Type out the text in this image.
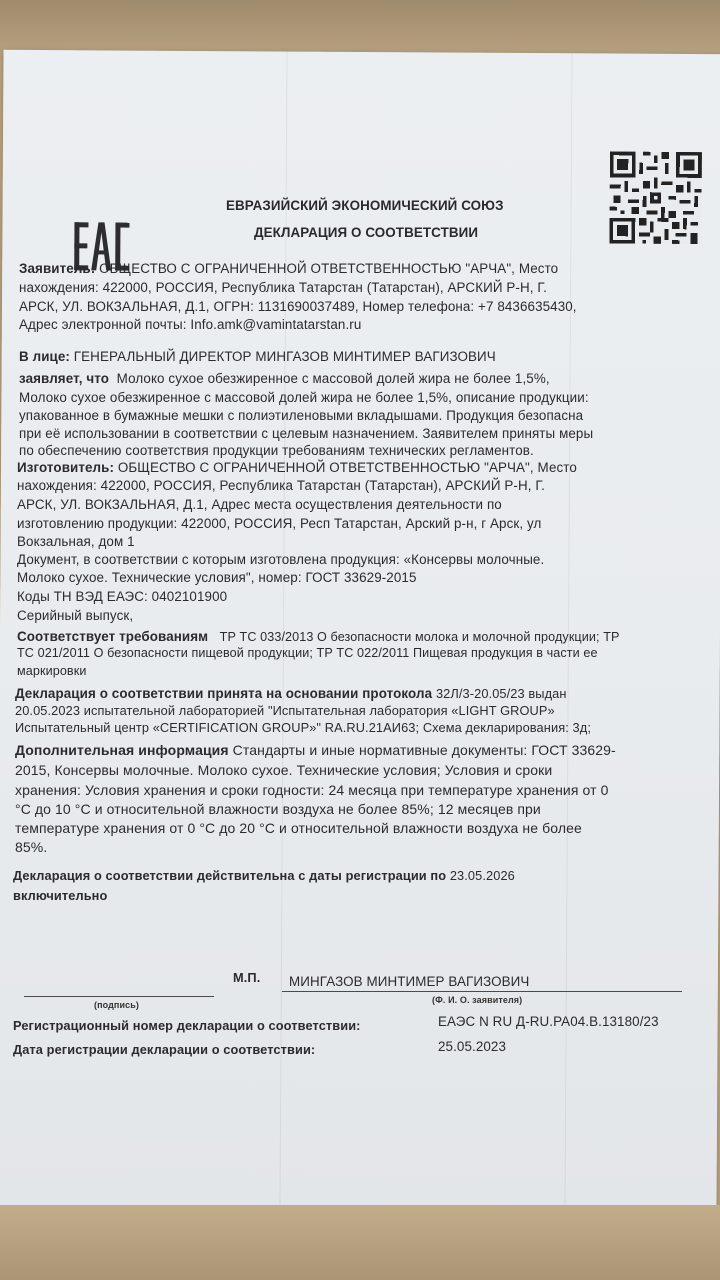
ЕВРАЗИЙСКИЙ ЭКОНОМИЧЕСКИЙ СОЮЗ
ДЕКЛАРАЦИЯ О СООТВЕТСТВИИ
Заявитель: ОБЩЕСТВО С ОГРАНИЧЕННОЙ ОТВЕТСТВЕННОСТЬЮ "АРЧА", Место
нахождения: 422000, РОССИЯ, Республика Татарстан (Татарстан), АРСКИЙ Р-Н, Г.
АРСК, УЛ. ВОКЗАЛЬНАЯ, Д.1, ОГРН: 1131690037489, Номер телефона: +7 8436635430,
Адрес электронной почты: Info.amk@vamintatarstan.ru
В лице: ГЕНЕРАЛЬНЫЙ ДИРЕКТОР МИНГАЗОВ МИНТИМЕР ВАГИЗОВИЧ
заявляет, что Молоко сухое обезжиренное с массовой долей жира не более 1,5%,
Молоко сухое обезжиренное с массовой долей жира не более 1,5%, описание продукции:
упакованное в бумажные мешки с полиэтиленовыми вкладышами. Продукция безопасна
при её использовании в соответствии с целевым назначением. Заявителем приняты меры
по обеспечению соответствия продукции требованиям технических регламентов.
Изготовитель: ОБЩЕСТВО С ОГРАНИЧЕННОЙ ОТВЕТСТВЕННОСТЬЮ "АРЧА", Место
нахождения: 422000, РОССИЯ, Республика Татарстан (Татарстан), АРСКИЙ Р-Н, Г.
АРСК, УЛ. ВОКЗАЛЬНАЯ, Д.1, Адрес места осуществления деятельности по
изготовлению продукции: 422000, РОССИЯ, Респ Татарстан, Арский р-н, г Арск, ул
Вокзальная, дом 1
Документ, в соответствии с которым изготовлена продукция: «Консервы молочные.
Молоко сухое. Технические условия", номер: ГОСТ 33629-2015
Коды ТН ВЭД ЕАЭС: 0402101900
Серийный выпуск,
Соответствует требованиям ТР ТС 033/2013 О безопасности молока и молочной продукции; ТР
ТС 021/2011 О безопасности пищевой продукции; ТР ТС 022/2011 Пищевая продукция в части ее
маркировки
Декларация о соответствии принята на основании протокола 32Л/3-20.05/23 выдан
20.05.2023 испытательной лабораторией "Испытательная лаборатория «LIGHT GROUP»
Испытательный центр «CERTIFICATION GROUP»" RA.RU.21АИ63; Схема декларирования: 3д;
Дополнительная информация Стандарты и иные нормативные документы: ГОСТ 33629-
2015, Консервы молочные. Молоко сухое. Технические условия; Условия и сроки
хранения: Условия хранения и сроки годности: 24 месяца при температуре хранения от 0
°С до 10 °С и относительной влажности воздуха не более 85%; 12 месяцев при
температуре хранения от 0 °С до 20 °С и относительной влажности воздуха не более
85%.
Декларация о соответствии действительна с даты регистрации по 23.05.2026
включительно
М.П. МИНГАЗОВ МИНТИМЕР ВАГИЗОВИЧ
(подпись)	(Ф. И. О. заявителя)
Регистрационный номер декларации о соответствии:	ЕАЭС N RU Д-RU.PA04.B.13180/23
Дата регистрации декларации о соответствии:	25.05.2023
